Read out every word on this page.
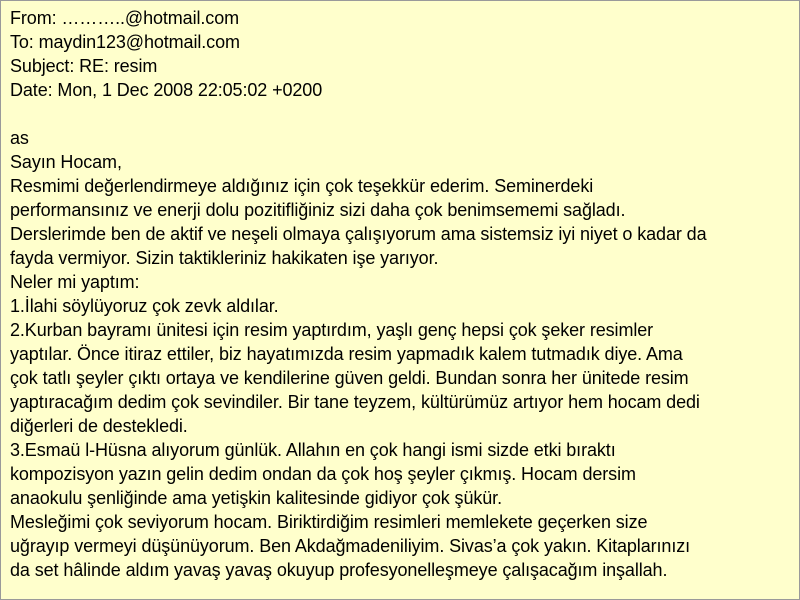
From: ………..@hotmail.com
To: maydin123@hotmail.com
Subject: RE: resim
Date: Mon, 1 Dec 2008 22:05:02 +0200
as
Sayın Hocam,
Resmimi değerlendirmeye aldığınız için çok teşekkür ederim. Seminerdeki
performansınız ve enerji dolu pozitifliğiniz sizi daha çok benimsememi sağladı.
Derslerimde ben de aktif ve neşeli olmaya çalışıyorum ama sistemsiz iyi niyet o kadar da
fayda vermiyor. Sizin taktikleriniz hakikaten işe yarıyor.
Neler mi yaptım:
1.İlahi söylüyoruz çok zevk aldılar.
2.Kurban bayramı ünitesi için resim yaptırdım, yaşlı genç hepsi çok şeker resimler
yaptılar. Önce itiraz ettiler, biz hayatımızda resim yapmadık kalem tutmadık diye. Ama
çok tatlı şeyler çıktı ortaya ve kendilerine güven geldi. Bundan sonra her ünitede resim
yaptıracağım dedim çok sevindiler. Bir tane teyzem, kültürümüz artıyor hem hocam dedi
diğerleri de destekledi.
3.Esmaü l-Hüsna alıyorum günlük. Allahın en çok hangi ismi sizde etki bıraktı
kompozisyon yazın gelin dedim ondan da çok hoş şeyler çıkmış. Hocam dersim
anaokulu şenliğinde ama yetişkin kalitesinde gidiyor çok şükür.
Mesleğimi çok seviyorum hocam. Biriktirdiğim resimleri memlekete geçerken size
uğrayıp vermeyi düşünüyorum. Ben Akdağmadeniliyim. Sivas’a çok yakın. Kitaplarınızı
da set hâlinde aldım yavaş yavaş okuyup profesyonelleşmeye çalışacağım inşallah.
